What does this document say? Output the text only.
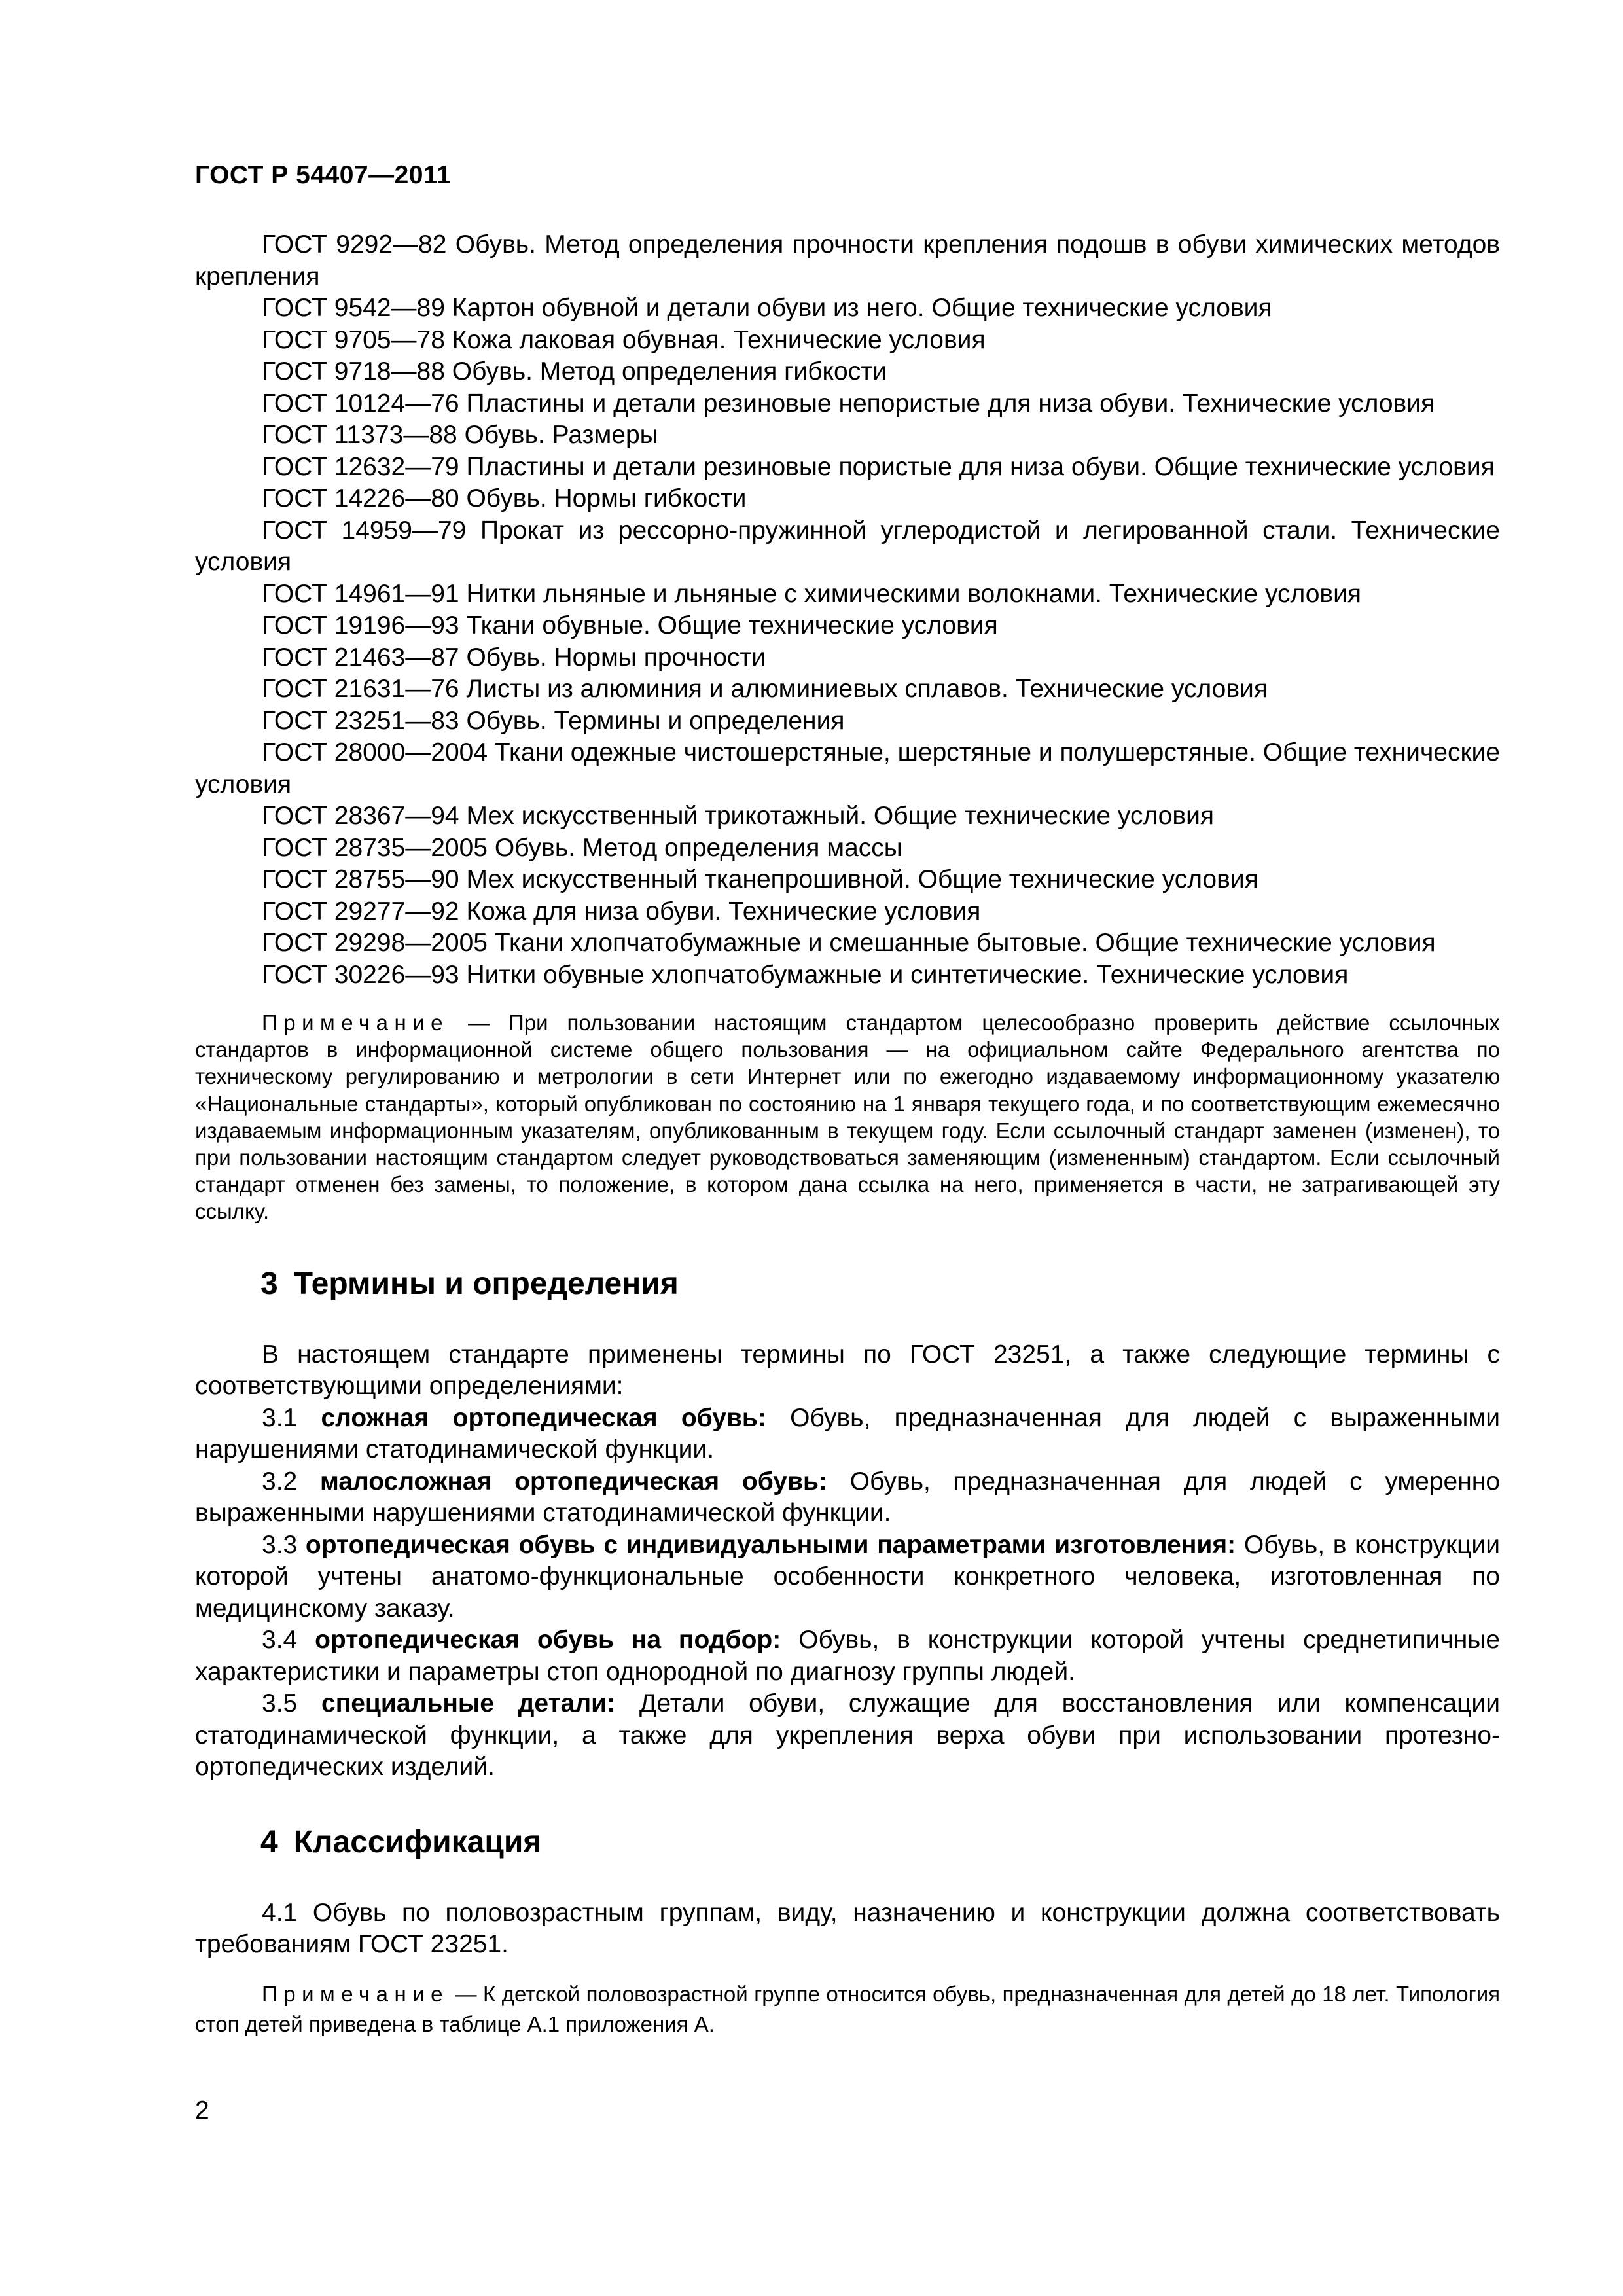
ГОСТ Р 54407—2011

ГОСТ 9292—82 Обувь. Метод определения прочности крепления подошв в обуви химических методов крепления

ГОСТ 9542—89 Картон обувной и детали обуви из него. Общие технические условия

ГОСТ 9705—78 Кожа лаковая обувная. Технические условия

ГОСТ 9718—88 Обувь. Метод определения гибкости

ГОСТ 10124—76 Пластины и детали резиновые непористые для низа обуви. Технические условия

ГОСТ 11373—88 Обувь. Размеры

ГОСТ 12632—79 Пластины и детали резиновые пористые для низа обуви. Общие технические условия

ГОСТ 14226—80 Обувь. Нормы гибкости

ГОСТ 14959—79 Прокат из рессорно-пружинной углеродистой и легированной стали. Технические условия

ГОСТ 14961—91 Нитки льняные и льняные с химическими волокнами. Технические условия

ГОСТ 19196—93 Ткани обувные. Общие технические условия

ГОСТ 21463—87 Обувь. Нормы прочности

ГОСТ 21631—76 Листы из алюминия и алюминиевых сплавов. Технические условия

ГОСТ 23251—83 Обувь. Термины и определения

ГОСТ 28000—2004 Ткани одежные чистошерстяные, шерстяные и полушерстяные. Общие технические условия

ГОСТ 28367—94 Мех искусственный трикотажный. Общие технические условия

ГОСТ 28735—2005 Обувь. Метод определения массы

ГОСТ 28755—90 Мех искусственный тканепрошивной. Общие технические условия

ГОСТ 29277—92 Кожа для низа обуви. Технические условия

ГОСТ 29298—2005 Ткани хлопчатобумажные и смешанные бытовые. Общие технические условия

ГОСТ 30226—93 Нитки обувные хлопчатобумажные и синтетические. Технические условия

Примечание — При пользовании настоящим стандартом целесообразно проверить действие ссылочных стандартов в информационной системе общего пользования — на официальном сайте Федерального агентства по техническому регулированию и метрологии в сети Интернет или по ежегодно издаваемому информационному указателю «Национальные стандарты», который опубликован по состоянию на 1 января текущего года, и по соответствующим ежемесячно издаваемым информационным указателям, опубликованным в текущем году. Если ссылочный стандарт заменен (изменен), то при пользовании настоящим стандартом следует руководствоваться заменяющим (измененным) стандартом. Если ссылочный стандарт отменен без замены, то положение, в котором дана ссылка на него, применяется в части, не затрагивающей эту ссылку.

3 Термины и определения

В настоящем стандарте применены термины по ГОСТ 23251, а также следующие термины с соответствующими определениями:

3.1 сложная ортопедическая обувь: Обувь, предназначенная для людей с выраженными нарушениями статодинамической функции.

3.2 малосложная ортопедическая обувь: Обувь, предназначенная для людей с умеренно выраженными нарушениями статодинамической функции.

3.3 ортопедическая обувь с индивидуальными параметрами изготовления: Обувь, в конструкции которой учтены анатомо-функциональные особенности конкретного человека, изготовленная по медицинскому заказу.

3.4 ортопедическая обувь на подбор: Обувь, в конструкции которой учтены среднетипичные характеристики и параметры стоп однородной по диагнозу группы людей.

3.5 специальные детали: Детали обуви, служащие для восстановления или компенсации статодинамической функции, а также для укрепления верха обуви при использовании протезно-ортопедических изделий.

4 Классификация

4.1 Обувь по половозрастным группам, виду, назначению и конструкции должна соответствовать требованиям ГОСТ 23251.

Примечание — К детской половозрастной группе относится обувь, предназначенная для детей до 18 лет. Типология стоп детей приведена в таблице А.1 приложения А.

2
